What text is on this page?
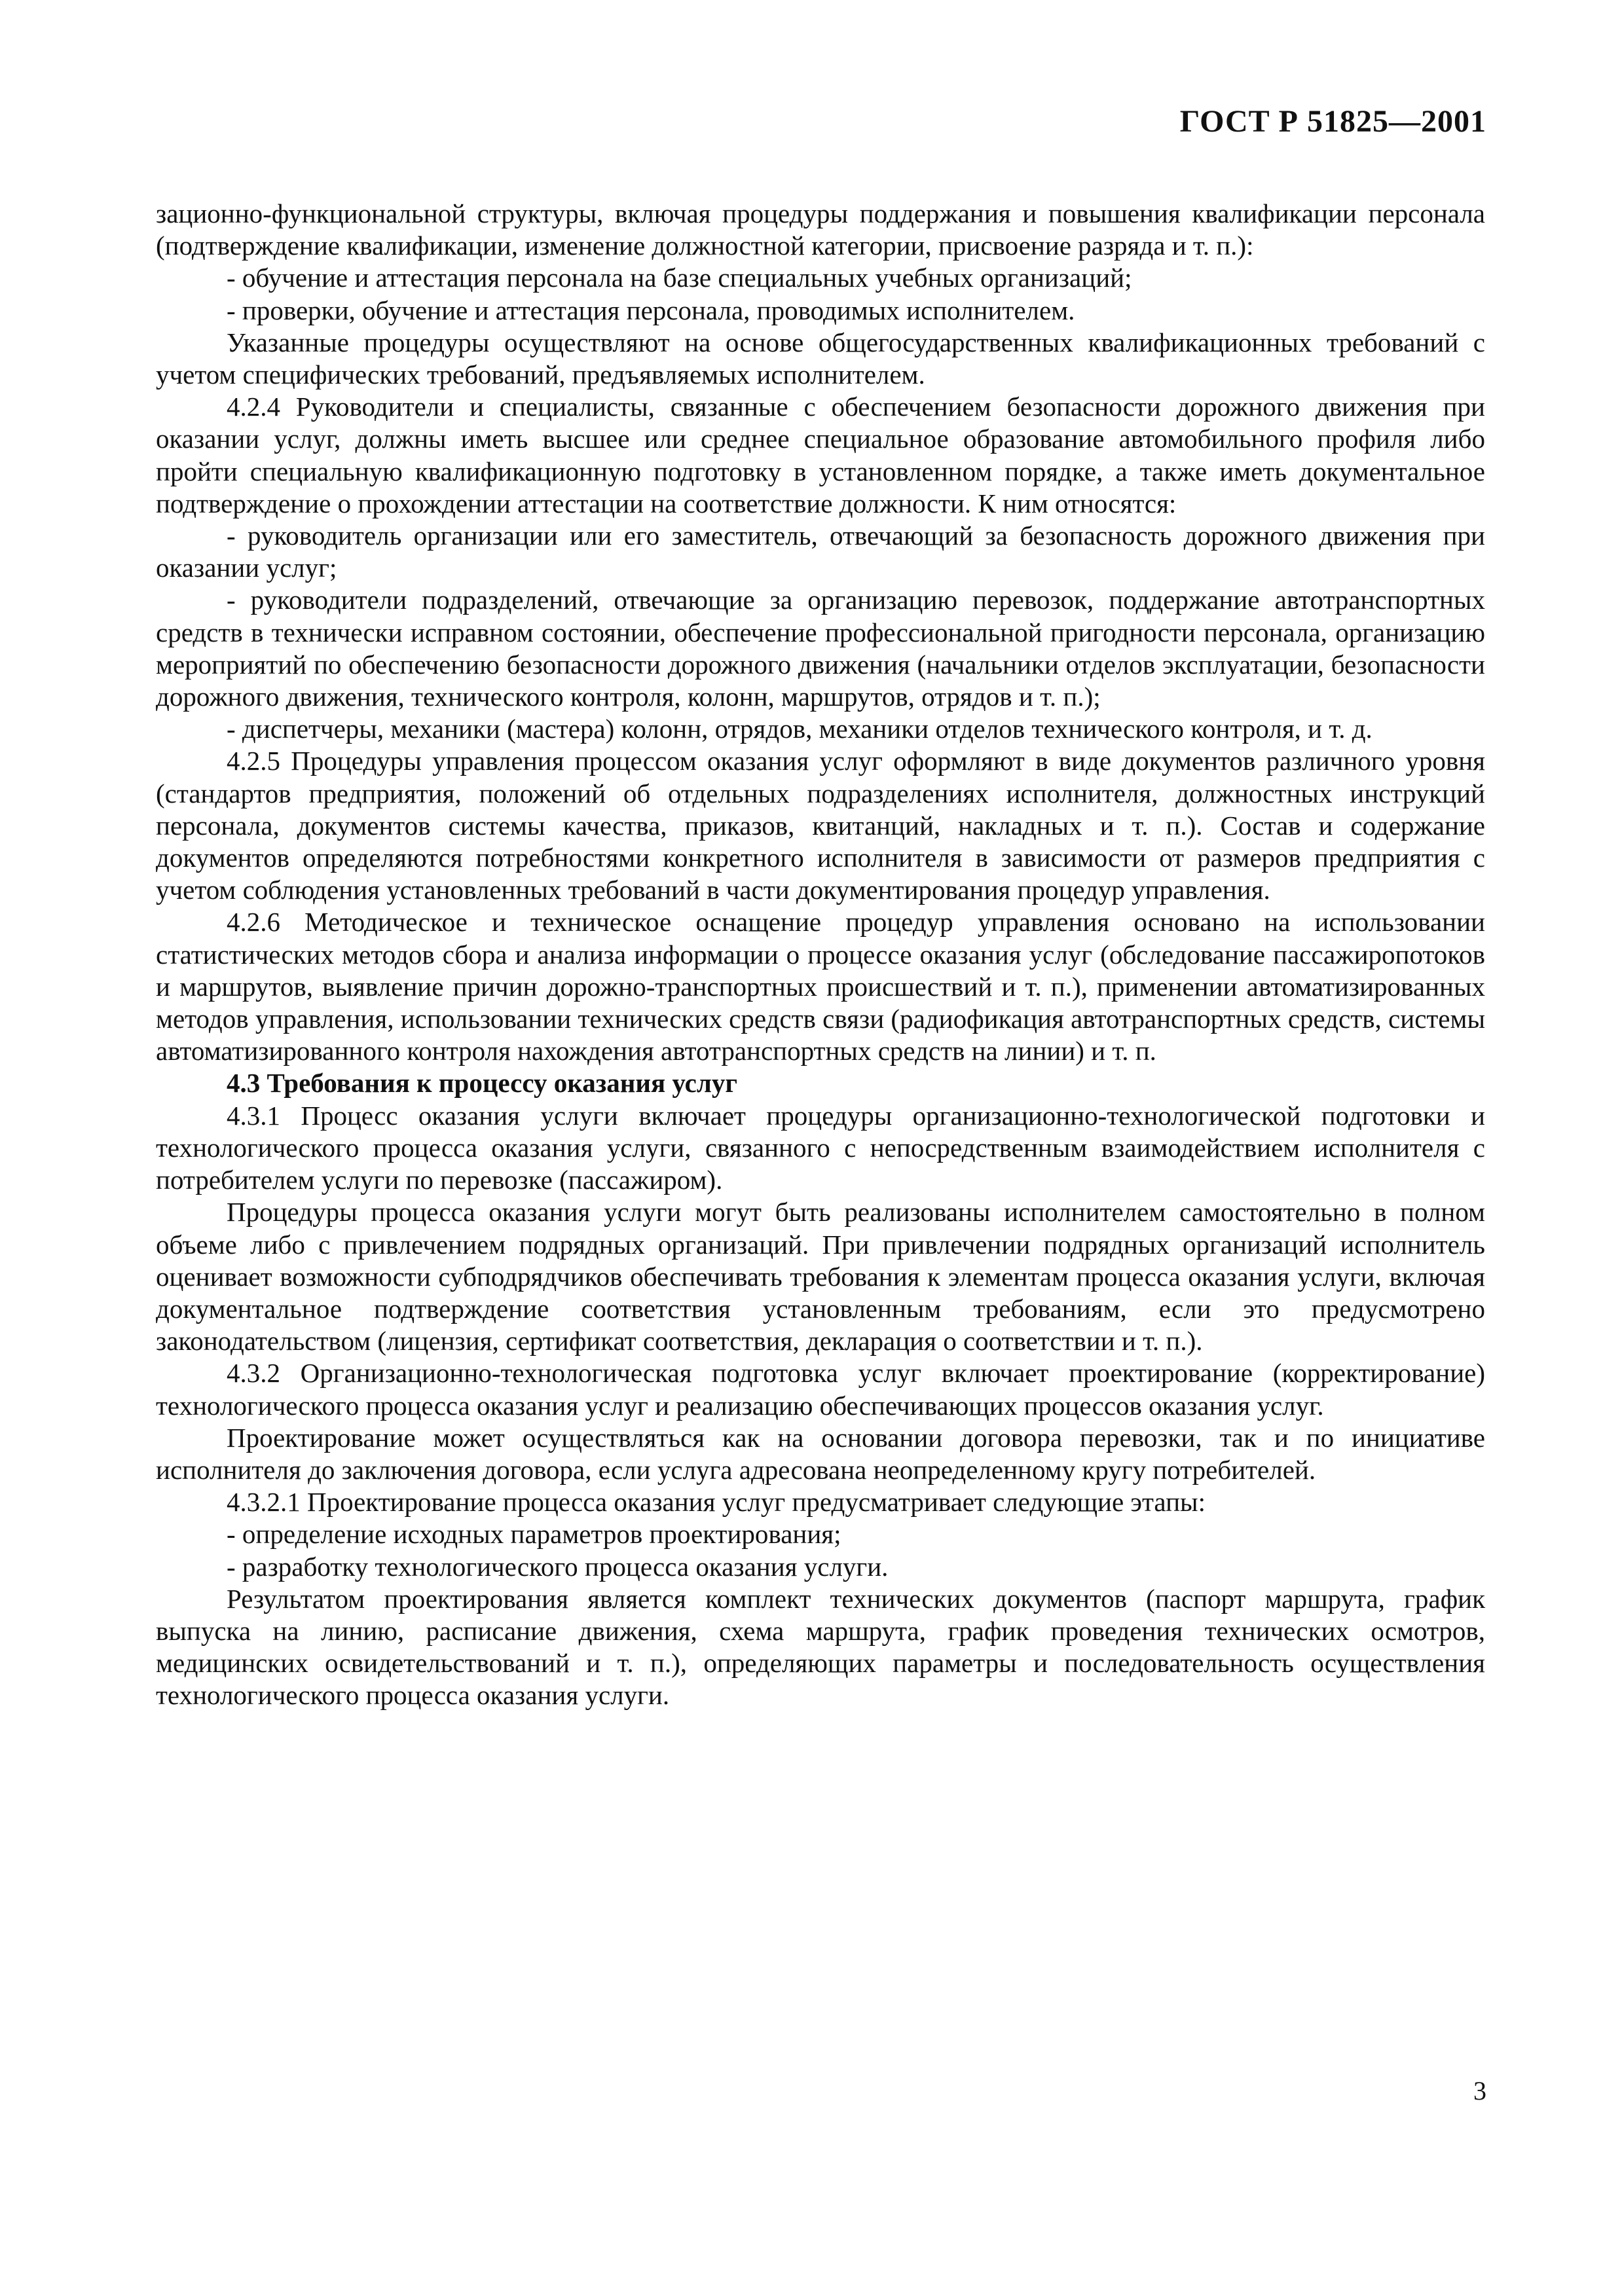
ГОСТ Р 51825—2001

зационно-функциональной структуры, включая процедуры поддержания и повышения квалификации персонала (подтверждение квалификации, изменение должностной категории, присвоение разряда и т. п.):

- обучение и аттестация персонала на базе специальных учебных организаций;

- проверки, обучение и аттестация персонала, проводимых исполнителем.

Указанные процедуры осуществляют на основе общегосударственных квалификационных требований с учетом специфических требований, предъявляемых исполнителем.

4.2.4 Руководители и специалисты, связанные с обеспечением безопасности дорожного движения при оказании услуг, должны иметь высшее или среднее специальное образование автомобильного профиля либо пройти специальную квалификационную подготовку в установленном порядке, а также иметь документальное подтверждение о прохождении аттестации на соответствие должности. К ним относятся:

- руководитель организации или его заместитель, отвечающий за безопасность дорожного движения при оказании услуг;

- руководители подразделений, отвечающие за организацию перевозок, поддержание автотранспортных средств в технически исправном состоянии, обеспечение профессиональной пригодности персонала, организацию мероприятий по обеспечению безопасности дорожного движения (начальники отделов эксплуатации, безопасности дорожного движения, технического контроля, колонн, маршрутов, отрядов и т. п.);

- диспетчеры, механики (мастера) колонн, отрядов, механики отделов технического контроля, и т. д.

4.2.5 Процедуры управления процессом оказания услуг оформляют в виде документов различного уровня (стандартов предприятия, положений об отдельных подразделениях исполнителя, должностных инструкций персонала, документов системы качества, приказов, квитанций, накладных и т. п.). Состав и содержание документов определяются потребностями конкретного исполнителя в зависимости от размеров предприятия с учетом соблюдения установленных требований в части документирования процедур управления.

4.2.6 Методическое и техническое оснащение процедур управления основано на использовании статистических методов сбора и анализа информации о процессе оказания услуг (обследование пассажиропотоков и маршрутов, выявление причин дорожно-транспортных происшествий и т. п.), применении автоматизированных методов управления, использовании технических средств связи (радиофикация автотранспортных средств, системы автоматизированного контроля нахождения автотранспортных средств на линии) и т. п.

4.3 Требования к процессу оказания услуг

4.3.1 Процесс оказания услуги включает процедуры организационно-технологической подготовки и технологического процесса оказания услуги, связанного с непосредственным взаимодействием исполнителя с потребителем услуги по перевозке (пассажиром).

Процедуры процесса оказания услуги могут быть реализованы исполнителем самостоятельно в полном объеме либо с привлечением подрядных организаций. При привлечении подрядных организаций исполнитель оценивает возможности субподрядчиков обеспечивать требования к элементам процесса оказания услуги, включая документальное подтверждение соответствия установленным требованиям, если это предусмотрено законодательством (лицензия, сертификат соответствия, декларация о соответствии и т. п.).

4.3.2 Организационно-технологическая подготовка услуг включает проектирование (корректирование) технологического процесса оказания услуг и реализацию обеспечивающих процессов оказания услуг.

Проектирование может осуществляться как на основании договора перевозки, так и по инициативе исполнителя до заключения договора, если услуга адресована неопределенному кругу потребителей.

4.3.2.1 Проектирование процесса оказания услуг предусматривает следующие этапы:

- определение исходных параметров проектирования;

- разработку технологического процесса оказания услуги.

Результатом проектирования является комплект технических документов (паспорт маршрута, график выпуска на линию, расписание движения, схема маршрута, график проведения технических осмотров, медицинских освидетельствований и т. п.), определяющих параметры и последовательность осуществления технологического процесса оказания услуги.

3
